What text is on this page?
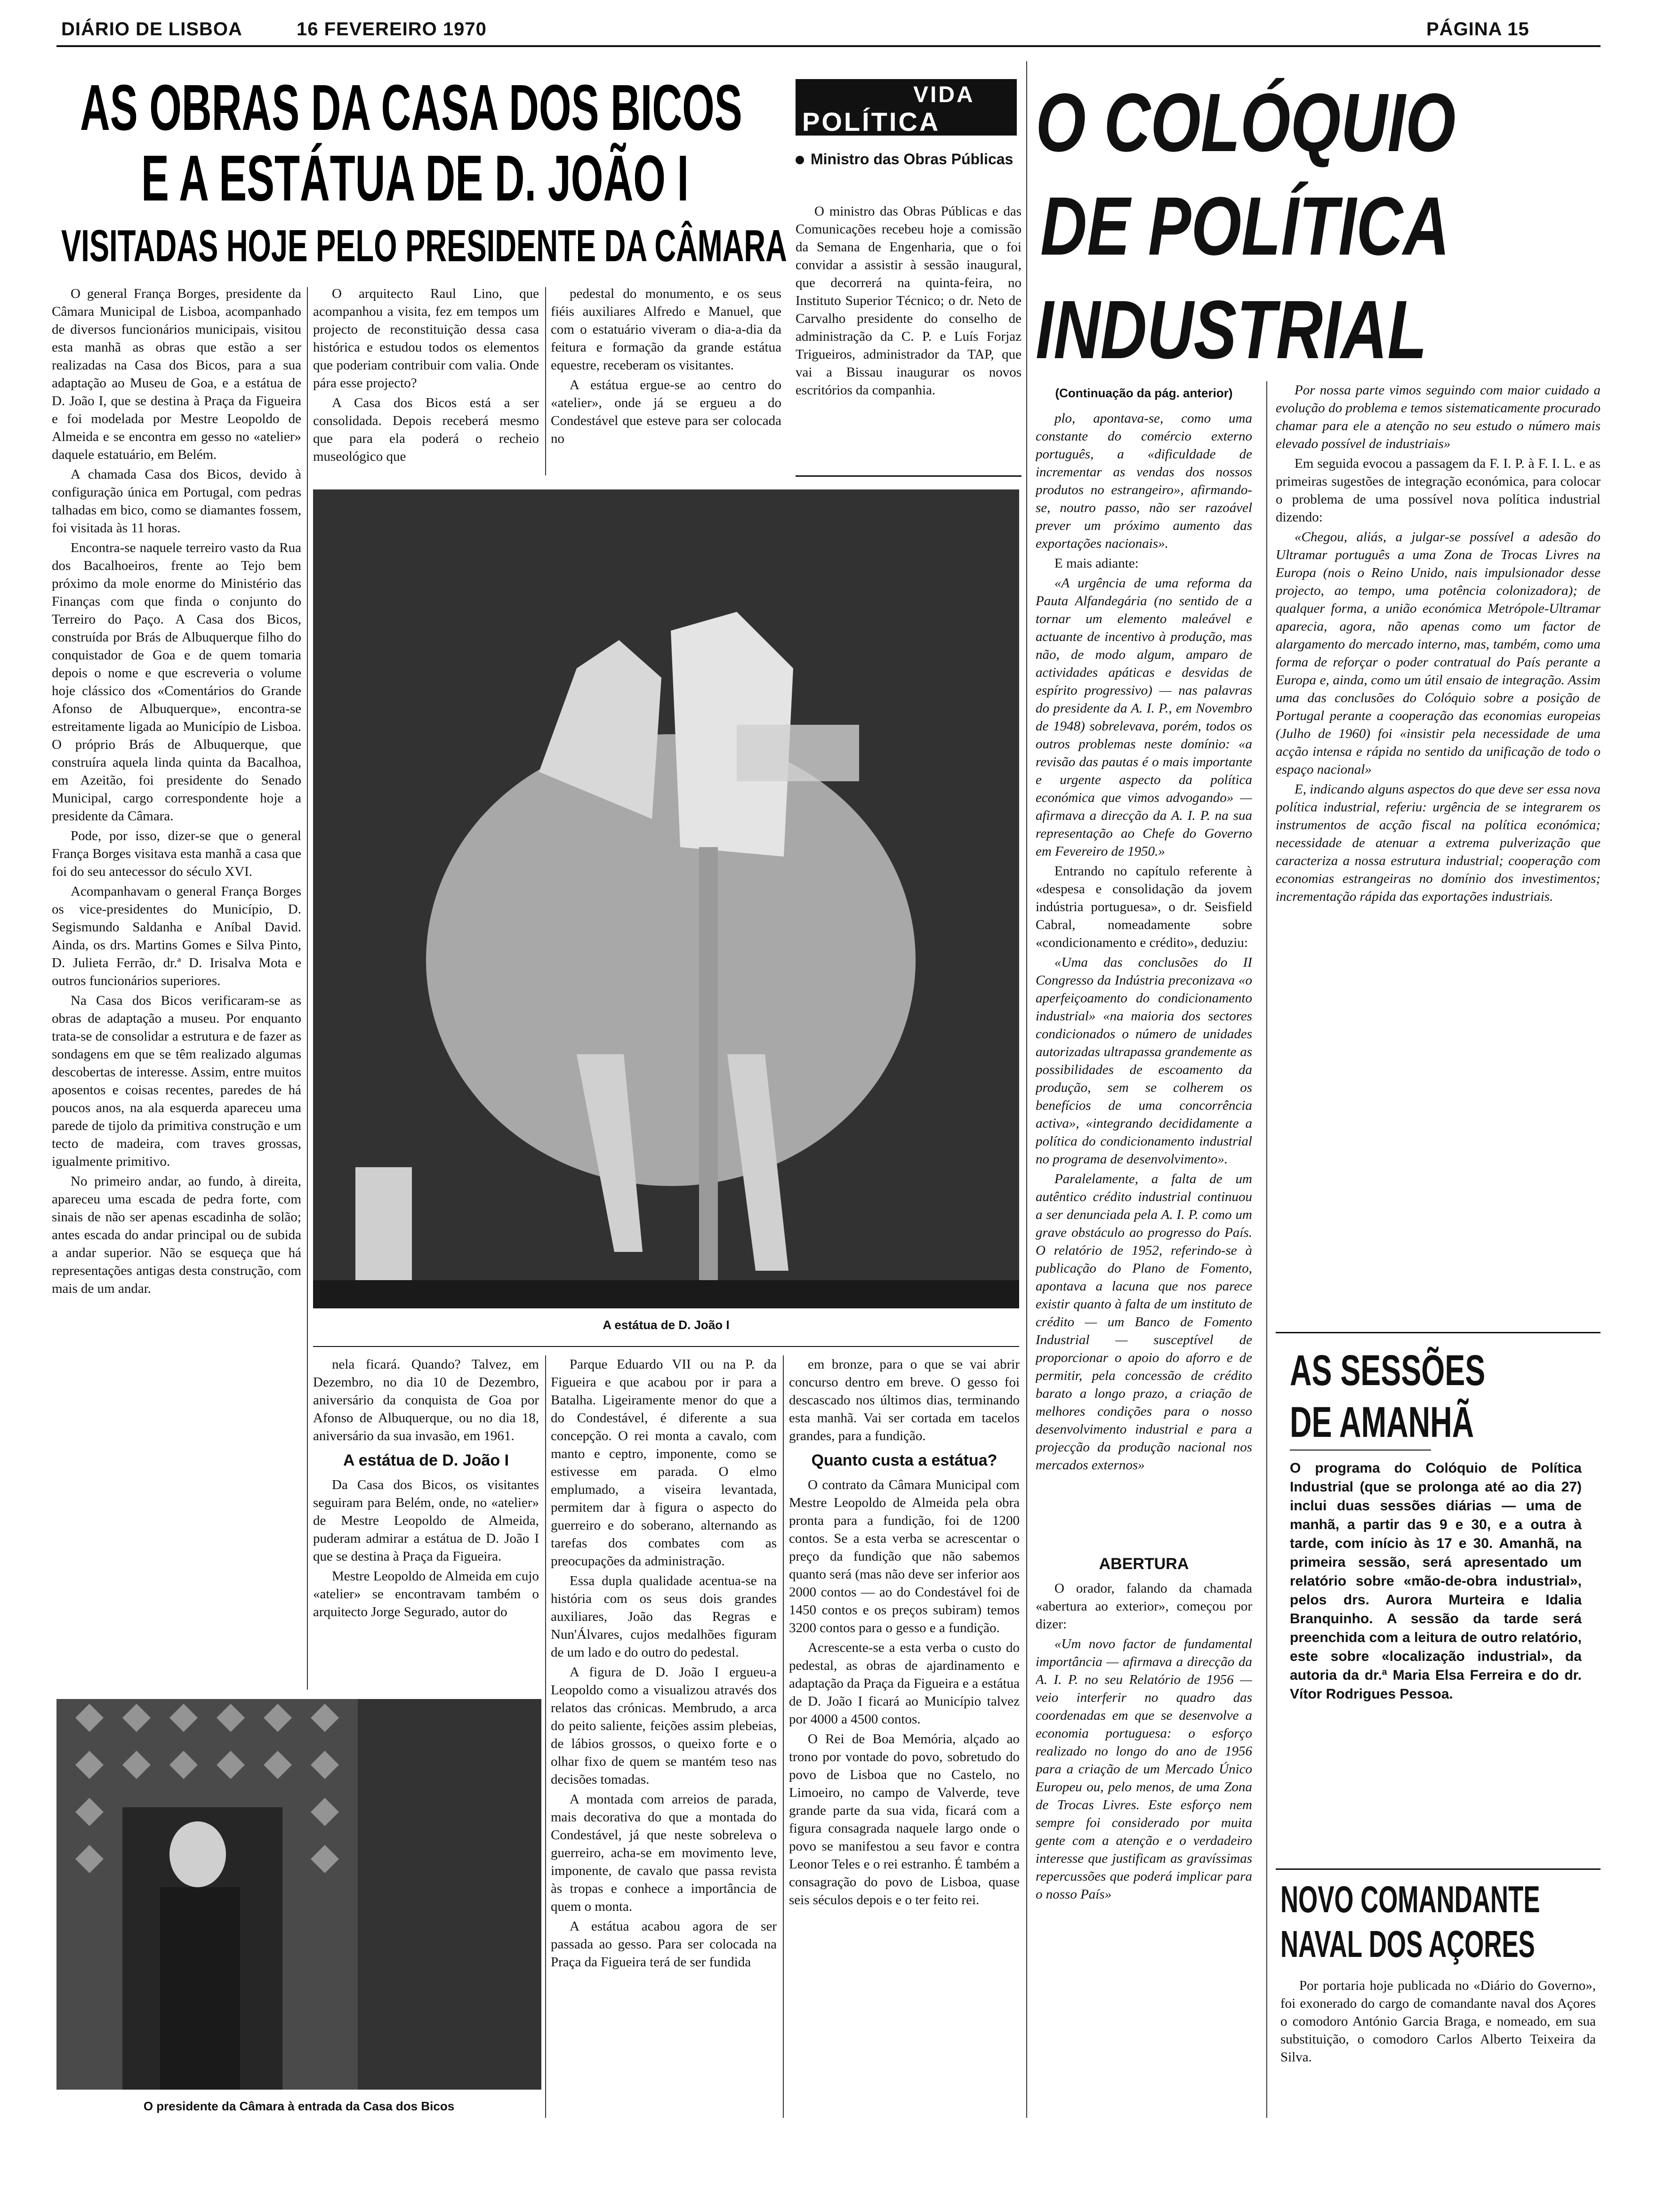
DIÁRIO DE LISBOA	16 FEVEREIRO 1970	PÁGINA 15
AS OBRAS DA CASA DOS BICOS
E A ESTÁTUA DE D. JOÃO I
VISITADAS HOJE PELO PRESIDENTE DA CÂMARA
VIDA
POLÍTICA
Ministro das Obras Públicas

O ministro das Obras Públicas e das Comunicações recebeu hoje a comissão da Semana de Engenharia, que o foi convidar a assistir à sessão inaugural, que decorrerá na quinta-feira, no Instituto Superior Técnico; o dr. Neto de Carvalho presidente do conselho de administração da C. P. e Luís Forjaz Trigueiros, administrador da TAP, que vai a Bissau inaugurar os novos escritórios da companhia.

O COLÓQUIO
DE POLÍTICA
INDUSTRIAL

O general França Borges, presidente da Câmara Municipal de Lisboa, acompanhado de diversos funcionários municipais, visitou esta manhã as obras que estão a ser realizadas na Casa dos Bicos, para a sua adaptação ao Museu de Goa, e a estátua de D. João I, que se destina à Praça da Figueira e foi modelada por Mestre Leopoldo de Almeida e se encontra em gesso no «atelier» daquele estatuário, em Belém.

A chamada Casa dos Bicos, devido à configuração única em Portugal, com pedras talhadas em bico, como se diamantes fossem, foi visitada às 11 horas.

Encontra-se naquele terreiro vasto da Rua dos Bacalhoeiros, frente ao Tejo bem próximo da mole enorme do Ministério das Finanças com que finda o conjunto do Terreiro do Paço. A Casa dos Bicos, construída por Brás de Albuquerque filho do conquistador de Goa e de quem tomaria depois o nome e que escreveria o volume hoje clássico dos «Comentários do Grande Afonso de Albuquerque», encontra-se estreitamente ligada ao Município de Lisboa. O próprio Brás de Albuquerque, que construíra aquela linda quinta da Bacalhoa, em Azeitão, foi presidente do Senado Municipal, cargo correspondente hoje a presidente da Câmara.

Pode, por isso, dizer-se que o general França Borges visitava esta manhã a casa que foi do seu antecessor do século XVI.

Acompanhavam o general França Borges os vice-presidentes do Município, D. Segismundo Saldanha e Aníbal David. Ainda, os drs. Martins Gomes e Silva Pinto, D. Julieta Ferrão, dr.ª D. Irisalva Mota e outros funcionários superiores.

Na Casa dos Bicos verificaram-se as obras de adaptação a museu. Por enquanto trata-se de consolidar a estrutura e de fazer as sondagens em que se têm realizado algumas descobertas de interesse. Assim, entre muitos aposentos e coisas recentes, paredes de há poucos anos, na ala esquerda apareceu uma parede de tijolo da primitiva construção e um tecto de madeira, com traves grossas, igualmente primitivo.

No primeiro andar, ao fundo, à direita, apareceu uma escada de pedra forte, com sinais de não ser apenas escadinha de solão; antes escada do andar principal ou de subida a andar superior. Não se esqueça que há representações antigas desta construção, com mais de um andar.

O arquitecto Raul Lino, que acompanhou a visita, fez em tempos um projecto de reconstituição dessa casa histórica e estudou todos os elementos que poderiam contribuir com valia. Onde pára esse projecto?

A Casa dos Bicos está a ser consolidada. Depois receberá mesmo que para ela poderá o recheio museológico que

pedestal do monumento, e os seus fiéis auxiliares Alfredo e Manuel, que com o estatuário viveram o dia-a-dia da feitura e formação da grande estátua equestre, receberam os visitantes.

A estátua ergue-se ao centro do «atelier», onde já se ergueu a do Condestável que esteve para ser colocada no

A estátua de D. João I

nela ficará. Quando? Talvez, em Dezembro, no dia 10 de Dezembro, aniversário da conquista de Goa por Afonso de Albuquerque, ou no dia 18, aniversário da sua invasão, em 1961.

A estátua de D. João I

Da Casa dos Bicos, os visitantes seguiram para Belém, onde, no «atelier» de Mestre Leopoldo de Almeida, puderam admirar a estátua de D. João I que se destina à Praça da Figueira.

Mestre Leopoldo de Almeida em cujo «atelier» se encontravam também o arquitecto Jorge Segurado, autor do

Parque Eduardo VII ou na P. da Figueira e que acabou por ir para a Batalha. Ligeiramente menor do que a do Condestável, é diferente a sua concepção. O rei monta a cavalo, com manto e ceptro, imponente, como se estivesse em parada. O elmo emplumado, a viseira levantada, permitem dar à figura o aspecto do guerreiro e do soberano, alternando as tarefas dos combates com as preocupações da administração.

Essa dupla qualidade acentua-se na história com os seus dois grandes auxiliares, João das Regras e Nun'Álvares, cujos medalhões figuram de um lado e do outro do pedestal.

A figura de D. João I ergueu-a Leopoldo como a visualizou através dos relatos das crónicas. Membrudo, a arca do peito saliente, feições assim plebeias, de lábios grossos, o queixo forte e o olhar fixo de quem se mantém teso nas decisões tomadas.

A montada com arreios de parada, mais decorativa do que a montada do Condestável, já que neste sobreleva o guerreiro, acha-se em movimento leve, imponente, de cavalo que passa revista às tropas e conhece a importância de quem o monta.

A estátua acabou agora de ser passada ao gesso. Para ser colocada na Praça da Figueira terá de ser fundida

em bronze, para o que se vai abrir concurso dentro em breve. O gesso foi descascado nos últimos dias, terminando esta manhã. Vai ser cortada em tacelos grandes, para a fundição.

Quanto custa a estátua?

O contrato da Câmara Municipal com Mestre Leopoldo de Almeida pela obra pronta para a fundição, foi de 1200 contos. Se a esta verba se acrescentar o preço da fundição que não sabemos quanto será (mas não deve ser inferior aos 2000 contos — ao do Condestável foi de 1450 contos e os preços subiram) temos 3200 contos para o gesso e a fundição.

Acrescente-se a esta verba o custo do pedestal, as obras de ajardinamento e adaptação da Praça da Figueira e a estátua de D. João I ficará ao Município talvez por 4000 a 4500 contos.

O Rei de Boa Memória, alçado ao trono por vontade do povo, sobretudo do povo de Lisboa que no Castelo, no Limoeiro, no campo de Valverde, teve grande parte da sua vida, ficará com a figura consagrada naquele largo onde o povo se manifestou a seu favor e contra Leonor Teles e o rei estranho. É também a consagração do povo de Lisboa, quase seis séculos depois e o ter feito rei.

O presidente da Câmara à entrada da Casa dos Bicos
(Continuação da pág. anterior)

plo, apontava-se, como uma constante do comércio externo português, a «dificuldade de incrementar as vendas dos nossos produtos no estrangeiro», afirmando-se, noutro passo, não ser razoável prever um próximo aumento das exportações nacionais».

E mais adiante:

«A urgência de uma reforma da Pauta Alfandegária (no sentido de a tornar um elemento maleável e actuante de incentivo à produção, mas não, de modo algum, amparo de actividades apáticas e desvidas de espírito progressivo) — nas palavras do presidente da A. I. P., em Novembro de 1948) sobrelevava, porém, todos os outros problemas neste domínio: «a revisão das pautas é o mais importante e urgente aspecto da política económica que vimos advogando» — afirmava a direcção da A. I. P. na sua representação ao Chefe do Governo em Fevereiro de 1950.»

Entrando no capítulo referente à «despesa e consolidação da jovem indústria portuguesa», o dr. Seisfield Cabral, nomeadamente sobre «condicionamento e crédito», deduziu:

«Uma das conclusões do II Congresso da Indústria preconizava «o aperfeiçoamento do condicionamento industrial» «na maioria dos sectores condicionados o número de unidades autorizadas ultrapassa grandemente as possibilidades de escoamento da produção, sem se colherem os benefícios de uma concorrência activa», «integrando decididamente a política do condicionamento industrial no programa de desenvolvimento».

Paralelamente, a falta de um autêntico crédito industrial continuou a ser denunciada pela A. I. P. como um grave obstáculo ao progresso do País. O relatório de 1952, referindo-se à publicação do Plano de Fomento, apontava a lacuna que nos parece existir quanto à falta de um instituto de crédito — um Banco de Fomento Industrial — susceptível de proporcionar o apoio do aforro e de permitir, pela concessão de crédito barato a longo prazo, a criação de melhores condições para o nosso desenvolvimento industrial e para a projecção da produção nacional nos mercados externos»

ABERTURA

O orador, falando da chamada «abertura ao exterior», começou por dizer:

«Um novo factor de fundamental importância — afirmava a direcção da A. I. P. no seu Relatório de 1956 — veio interferir no quadro das coordenadas em que se desenvolve a economia portuguesa: o esforço realizado no longo do ano de 1956 para a criação de um Mercado Único Europeu ou, pelo menos, de uma Zona de Trocas Livres. Este esforço nem sempre foi considerado por muita gente com a atenção e o verdadeiro interesse que justificam as gravíssimas repercussões que poderá implicar para o nosso País»

Por nossa parte vimos seguindo com maior cuidado a evolução do problema e temos sistematicamente procurado chamar para ele a atenção no seu estudo o número mais elevado possível de industriais»

Em seguida evocou a passagem da F. I. P. à F. I. L. e as primeiras sugestões de integração económica, para colocar o problema de uma possível nova política industrial dizendo:

«Chegou, aliás, a julgar-se possível a adesão do Ultramar português a uma Zona de Trocas Livres na Europa (nois o Reino Unido, nais impulsionador desse projecto, ao tempo, uma potência colonizadora); de qualquer forma, a união económica Metrópole-Ultramar aparecia, agora, não apenas como um factor de alargamento do mercado interno, mas, também, como uma forma de reforçar o poder contratual do País perante a Europa e, ainda, como um útil ensaio de integração. Assim uma das conclusões do Colóquio sobre a posição de Portugal perante a cooperação das economias europeias (Julho de 1960) foi «insistir pela necessidade de uma acção intensa e rápida no sentido da unificação de todo o espaço nacional»

E, indicando alguns aspectos do que deve ser essa nova política industrial, referiu: urgência de se integrarem os instrumentos de acção fiscal na política económica; necessidade de atenuar a extrema pulverização que caracteriza a nossa estrutura industrial; cooperação com economias estrangeiras no domínio dos investimentos; incrementação rápida das exportações industriais.

AS SESSÕES
DE AMANHÃ
O programa do Colóquio de Política Industrial (que se prolonga até ao dia 27) inclui duas sessões diárias — uma de manhã, a partir das 9 e 30, e a outra à tarde, com início às 17 e 30. Amanhã, na primeira sessão, será apresentado um relatório sobre «mão-de-obra industrial», pelos drs. Aurora Murteira e Idalia Branquinho. A sessão da tarde será preenchida com a leitura de outro relatório, este sobre «localização industrial», da autoria da dr.ª Maria Elsa Ferreira e do dr. Vítor Rodrigues Pessoa.
NOVO COMANDANTE
NAVAL DOS AÇORES

Por portaria hoje publicada no «Diário do Governo», foi exonerado do cargo de comandante naval dos Açores o comodoro António Garcia Braga, e nomeado, em sua substituição, o comodoro Carlos Alberto Teixeira da Silva.
